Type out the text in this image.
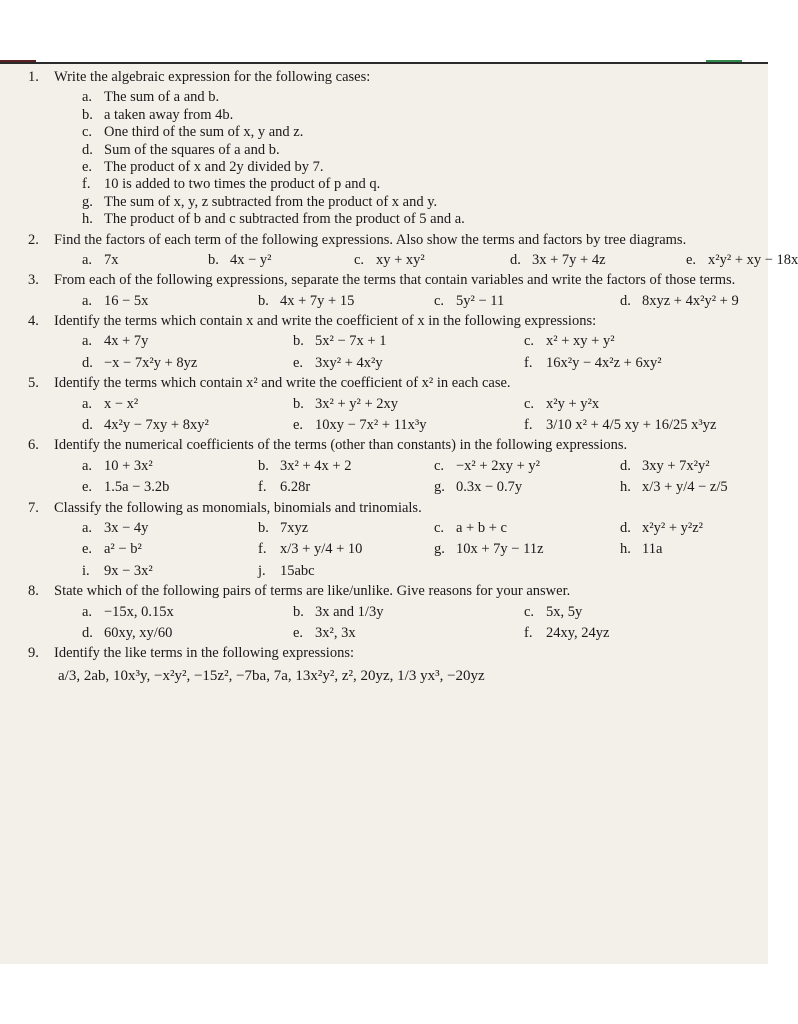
1. Write the algebraic expression for the following cases:
a. The sum of a and b.
b. a taken away from 4b.
c. One third of the sum of x, y and z.
d. Sum of the squares of a and b.
e. The product of x and 2y divided by 7.
f. 10 is added to two times the product of p and q.
g. The sum of x, y, z subtracted from the product of x and y.
h. The product of b and c subtracted from the product of 5 and a.
2. Find the factors of each term of the following expressions. Also show the terms and factors by tree diagrams.
a. 7x	b. 4x − y²	c. xy + xy²	d. 3x + 7y + 4z	e. x²y² + xy − 18x
3. From each of the following expressions, separate the terms that contain variables and write the factors of those terms.
a. 16 − 5x	b. 4x + 7y + 15	c. 5y² − 11	d. 8xyz + 4x²y² + 9
4. Identify the terms which contain x and write the coefficient of x in the following expressions:
a. 4x + 7y	b. 5x² − 7x + 1	c. x² + xy + y²
d. −x − 7x²y + 8yz	e. 3xy² + 4x²y	f. 16x²y − 4x²z + 6xy²
5. Identify the terms which contain x² and write the coefficient of x² in each case.
a. x − x²	b. 3x² + y² + 2xy	c. x²y + y²x
d. 4x²y − 7xy + 8xy²	e. 10xy − 7x² + 11x³y	f. 3/10 x² + 4/5 xy + 16/25 x³yz
6. Identify the numerical coefficients of the terms (other than constants) in the following expressions.
a. 10 + 3x²	b. 3x² + 4x + 2	c. −x² + 2xy + y²	d. 3xy + 7x²y²
e. 1.5a − 3.2b	f. 6.28r	g. 0.3x − 0.7y	h. x/3 + y/4 − z/5
7. Classify the following as monomials, binomials and trinomials.
a. 3x − 4y	b. 7xyz	c. a + b + c	d. x²y² + y²z²
e. a² − b²	f. x/3 + y/4 + 10	g. 10x + 7y − 11z	h. 11a
i. 9x − 3x²	j. 15abc
8. State which of the following pairs of terms are like/unlike. Give reasons for your answer.
a. −15x, 0.15x	b. 3x and 1/3y	c. 5x, 5y
d. 60xy, xy/60	e. 3x², 3x	f. 24xy, 24yz
9. Identify the like terms in the following expressions:
a/3, 2ab, 10x³y, −x²y², −15z², −7ba, 7a, 13x²y², z², 20yz, 1/3 yx³, −20yz
